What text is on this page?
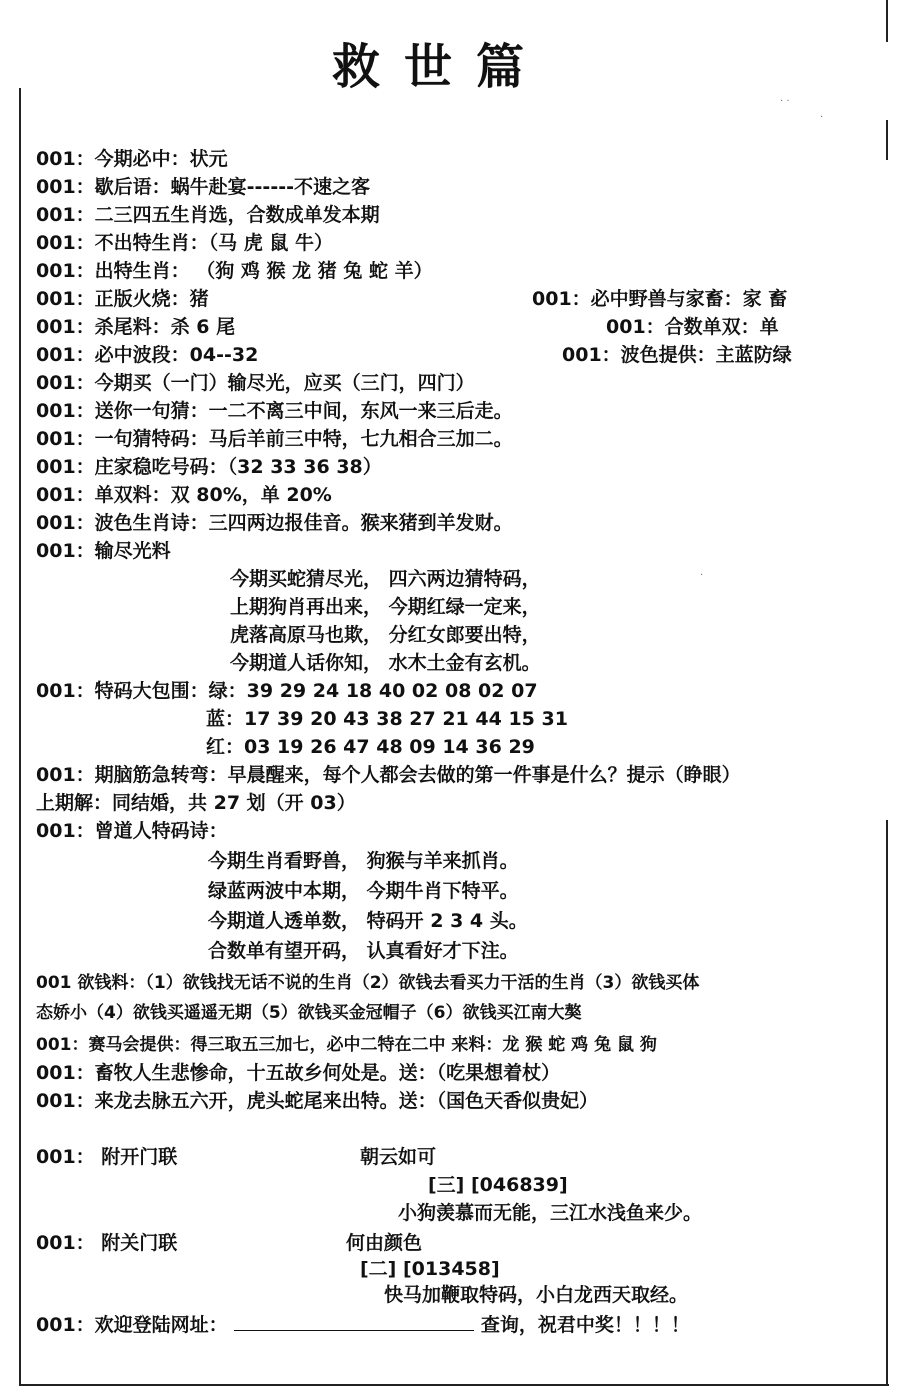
救世篇
001：今期必中：状元
001：歇后语：蜗牛赴宴------不速之客
001：二三四五生肖选，合数成单发本期
001：不出特生肖：（马 虎 鼠 牛）
001：出特生肖： （狗 鸡 猴 龙 猪 兔 蛇 羊）
001：正版火烧：猪	001：必中野兽与家畜：家 畜
001：杀尾料：杀 6 尾	001：合数单双：单
001：必中波段：04--32	001：波色提供：主蓝防绿
001：今期买（一门）输尽光，应买（三门，四门）
001：送你一句猜：一二不离三中间，东风一来三后走。
001：一句猜特码：马后羊前三中特，七九相合三加二。
001：庄家稳吃号码：（32 33 36 38）
001：单双料：双 80%，单 20%
001：波色生肖诗：三四两边报佳音。猴来猪到羊发财。
001：输尽光料
今期买蛇猜尽光， 四六两边猜特码，
上期狗肖再出来， 今期红绿一定来，
虎落高原马也欺， 分红女郎要出特，
今期道人话你知， 水木土金有玄机。
001：特码大包围：绿：39 29 24 18 40 02 08 02 07
蓝：17 39 20 43 38 27 21 44 15 31
红：03 19 26 47 48 09 14 36 29
001：期脑筋急转弯：早晨醒来，每个人都会去做的第一件事是什么？提示（睁眼）
上期解：同结婚，共 27 划（开 03）
001：曾道人特码诗：
今期生肖看野兽， 狗猴与羊来抓肖。
绿蓝两波中本期， 今期牛肖下特平。
今期道人透单数， 特码开 2 3 4 头。
合数单有望开码， 认真看好才下注。
001 欲钱料：（1）欲钱找无话不说的生肖（2）欲钱去看买力干活的生肖（3）欲钱买体
态娇小（4）欲钱买遥遥无期（5）欲钱买金冠帽子（6）欲钱买江南大獒
001：赛马会提供：得三取五三加七，必中二特在二中 来料：龙 猴 蛇 鸡 兔 鼠 狗
001：畜牧人生悲惨命，十五故乡何处是。送：（吃果想着杖）
001：来龙去脉五六开，虎头蛇尾来出特。送：（国色天香似贵妃）
001： 附开门联	朝云如可
[三] [046839]
小狗羡慕而无能，三江水浅鱼来少。
001： 附关门联	何由颜色
[二] [013458]
快马加鞭取特码，小白龙西天取经。
001：欢迎登陆网址：	查询，祝君中奖！！！！
· ·
·
·
